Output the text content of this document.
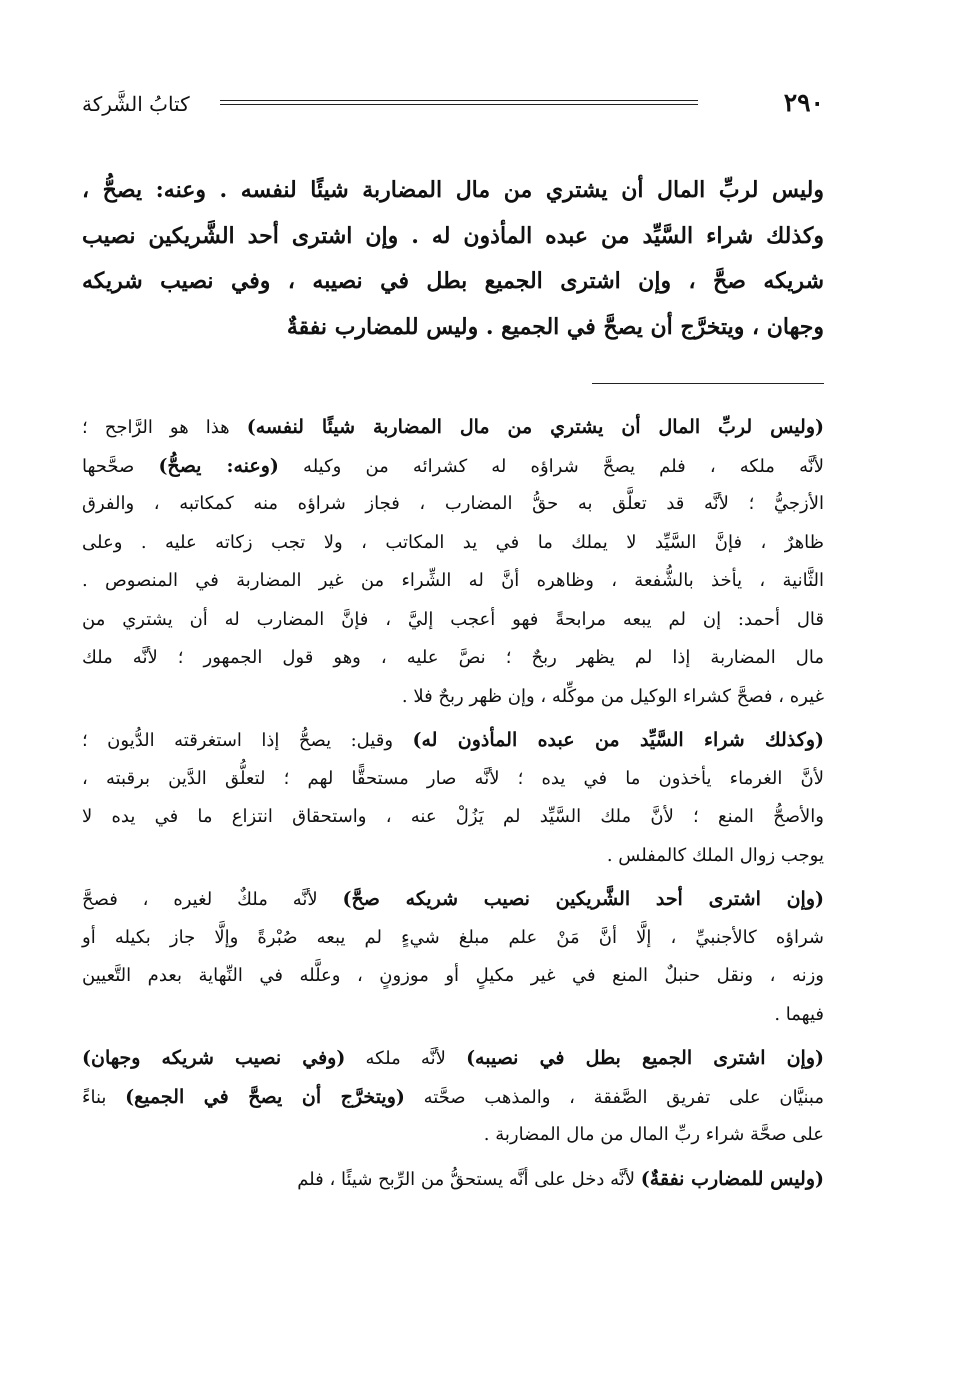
٢٩٠
كتابُ الشَّركة
وليس لربِّ المال أن يشتري من مال المضاربة شيئًا لنفسه . وعنه: يصحُّ ،
وكذلك شراء السَّيِّد من عبده المأذون له . وإن اشترى أحد الشَّريكين نصيب
شريكه صحَّ ، وإن اشترى الجميع بطل في نصيبه ، وفي نصيب شريكه
وجهان ، ويتخرَّج أن يصحَّ في الجميع . وليس للمضارب نفقةٌ
(وليس لربِّ المال أن يشتري من مال المضاربة شيئًا لنفسه) هذا هو الرَّاجح ؛
لأنَّه ملكه ، فلم يصحَّ شراؤه له كشرائه من وكيله (وعنه: يصحُّ) صحَّحها
الأزجيُّ ؛ لأنَّه قد تعلَّق به حقُّ المضارب ، فجاز شراؤه منه كمكاتبه ، والفرق
ظاهرٌ ، فإنَّ السَّيِّد لا يملك ما في يد المكاتب ، ولا تجب زكاته عليه . وعلى
الثَّانية ، يأخذ بالشُّفعة ، وظاهره أنَّ له الشِّراء من غير المضاربة في المنصوص .
قال أحمد: إن لم يبعه مرابحةً فهو أعجب إليَّ ، فإنَّ المضارب له أن يشتري من
مال المضاربة إذا لم يظهر ربحٌ ؛ نصَّ عليه ، وهو قول الجمهور ؛ لأنَّه ملك
غيره ، فصحَّ كشراء الوكيل من موكِّله ، وإن ظهر ربحٌ فلا .
(وكذلك شراء السَّيِّد من عبده المأذون له) وقيل: يصحُّ إذا استغرقته الدُّيون ؛
لأنَّ الغرماء يأخذون ما في يده ؛ لأنَّه صار مستحقًّا لهم ؛ لتعلُّق الدَّين برقبته ،
والأصحُّ المنع ؛ لأنَّ ملك السَّيِّد لم يَزُلْ عنه ، واستحقاق انتزاع ما في يده لا
يوجب زوال الملك كالمفلس .
(وإن اشترى أحد الشَّريكين نصيب شريكه صحَّ) لأنَّه ملكٌ لغيره ، فصحَّ
شراؤه كالأجنبيِّ ، إلَّا أنَّ مَنْ علم مبلغ شيءٍ لم يبعه صُبْرةً وإلَّا جاز بكيله أو
وزنه ، ونقل حنبلٌ المنع في غير مكيلٍ أو موزونٍ ، وعلَّله في النِّهاية بعدم التَّعيين
فيهما .
(وإن اشترى الجميع بطل في نصيبه) لأنَّه ملكه (وفي نصيب شريكه وجهان)
مبنيَّان على تفريق الصَّفقة ، والمذهب صحَّته (ويتخرَّج أن يصحَّ في الجميع) بناءً
على صحَّة شراء ربِّ المال من مال المضاربة .
(وليس للمضارب نفقةٌ) لأنَّه دخل على أنَّه يستحقُّ من الرِّبح شيئًا ، فلم
